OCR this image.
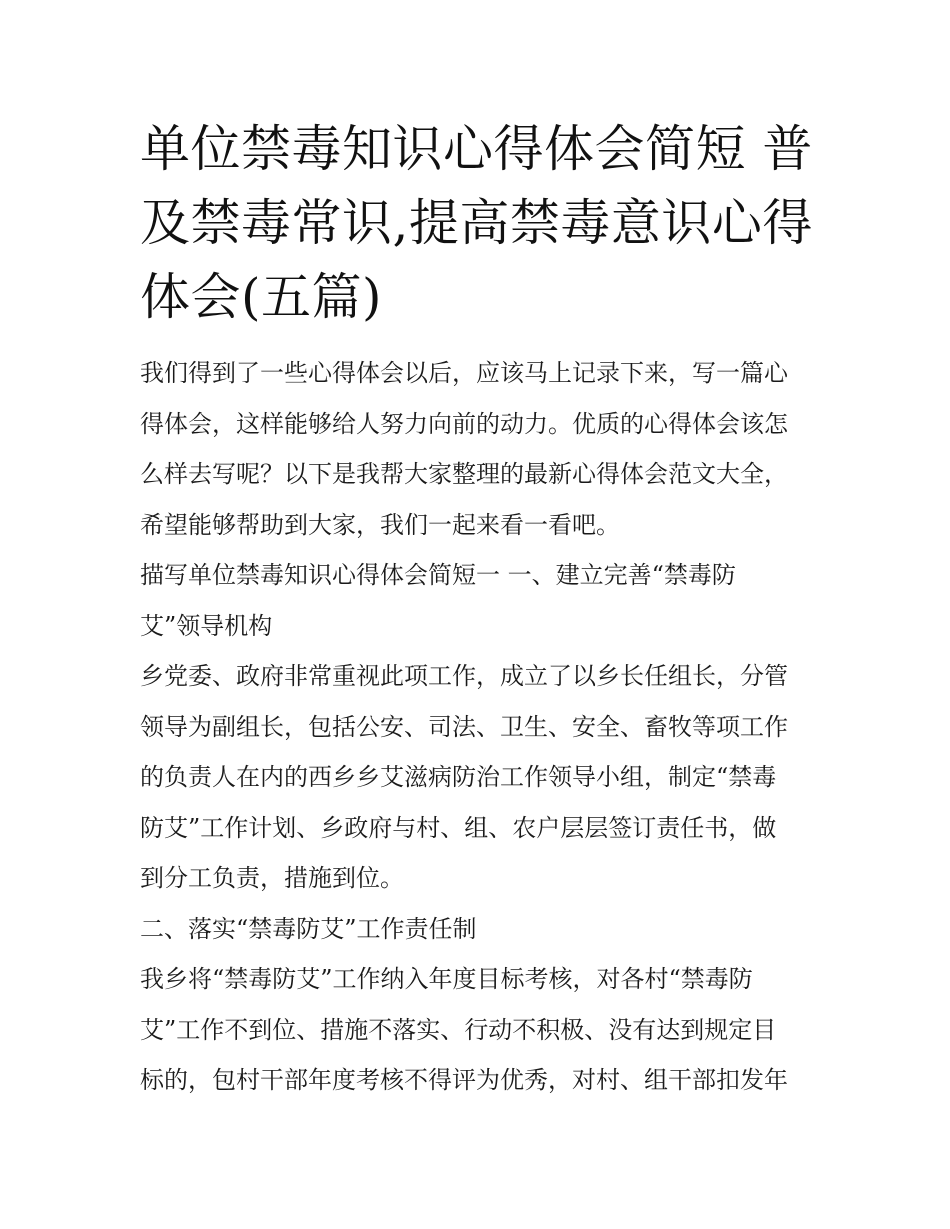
单位禁毒知识心得体会简短 普
及禁毒常识,提高禁毒意识心得
体会(五篇)

我们得到了一些心得体会以后，应该马上记录下来，写一篇心
得体会，这样能够给人努力向前的动力。优质的心得体会该怎
么样去写呢？以下是我帮大家整理的最新心得体会范文大全，
希望能够帮助到大家，我们一起来看一看吧。

描写单位禁毒知识心得体会简短一 一、建立完善“禁毒防
艾”领导机构

乡党委、政府非常重视此项工作，成立了以乡长任组长，分管
领导为副组长，包括公安、司法、卫生、安全、畜牧等项工作
的负责人在内的西乡乡艾滋病防治工作领导小组，制定“禁毒
防艾”工作计划、乡政府与村、组、农户层层签订责任书，做
到分工负责，措施到位。

二、落实“禁毒防艾”工作责任制

我乡将“禁毒防艾”工作纳入年度目标考核，对各村“禁毒防
艾”工作不到位、措施不落实、行动不积极、没有达到规定目
标的，包村干部年度考核不得评为优秀，对村、组干部扣发年
